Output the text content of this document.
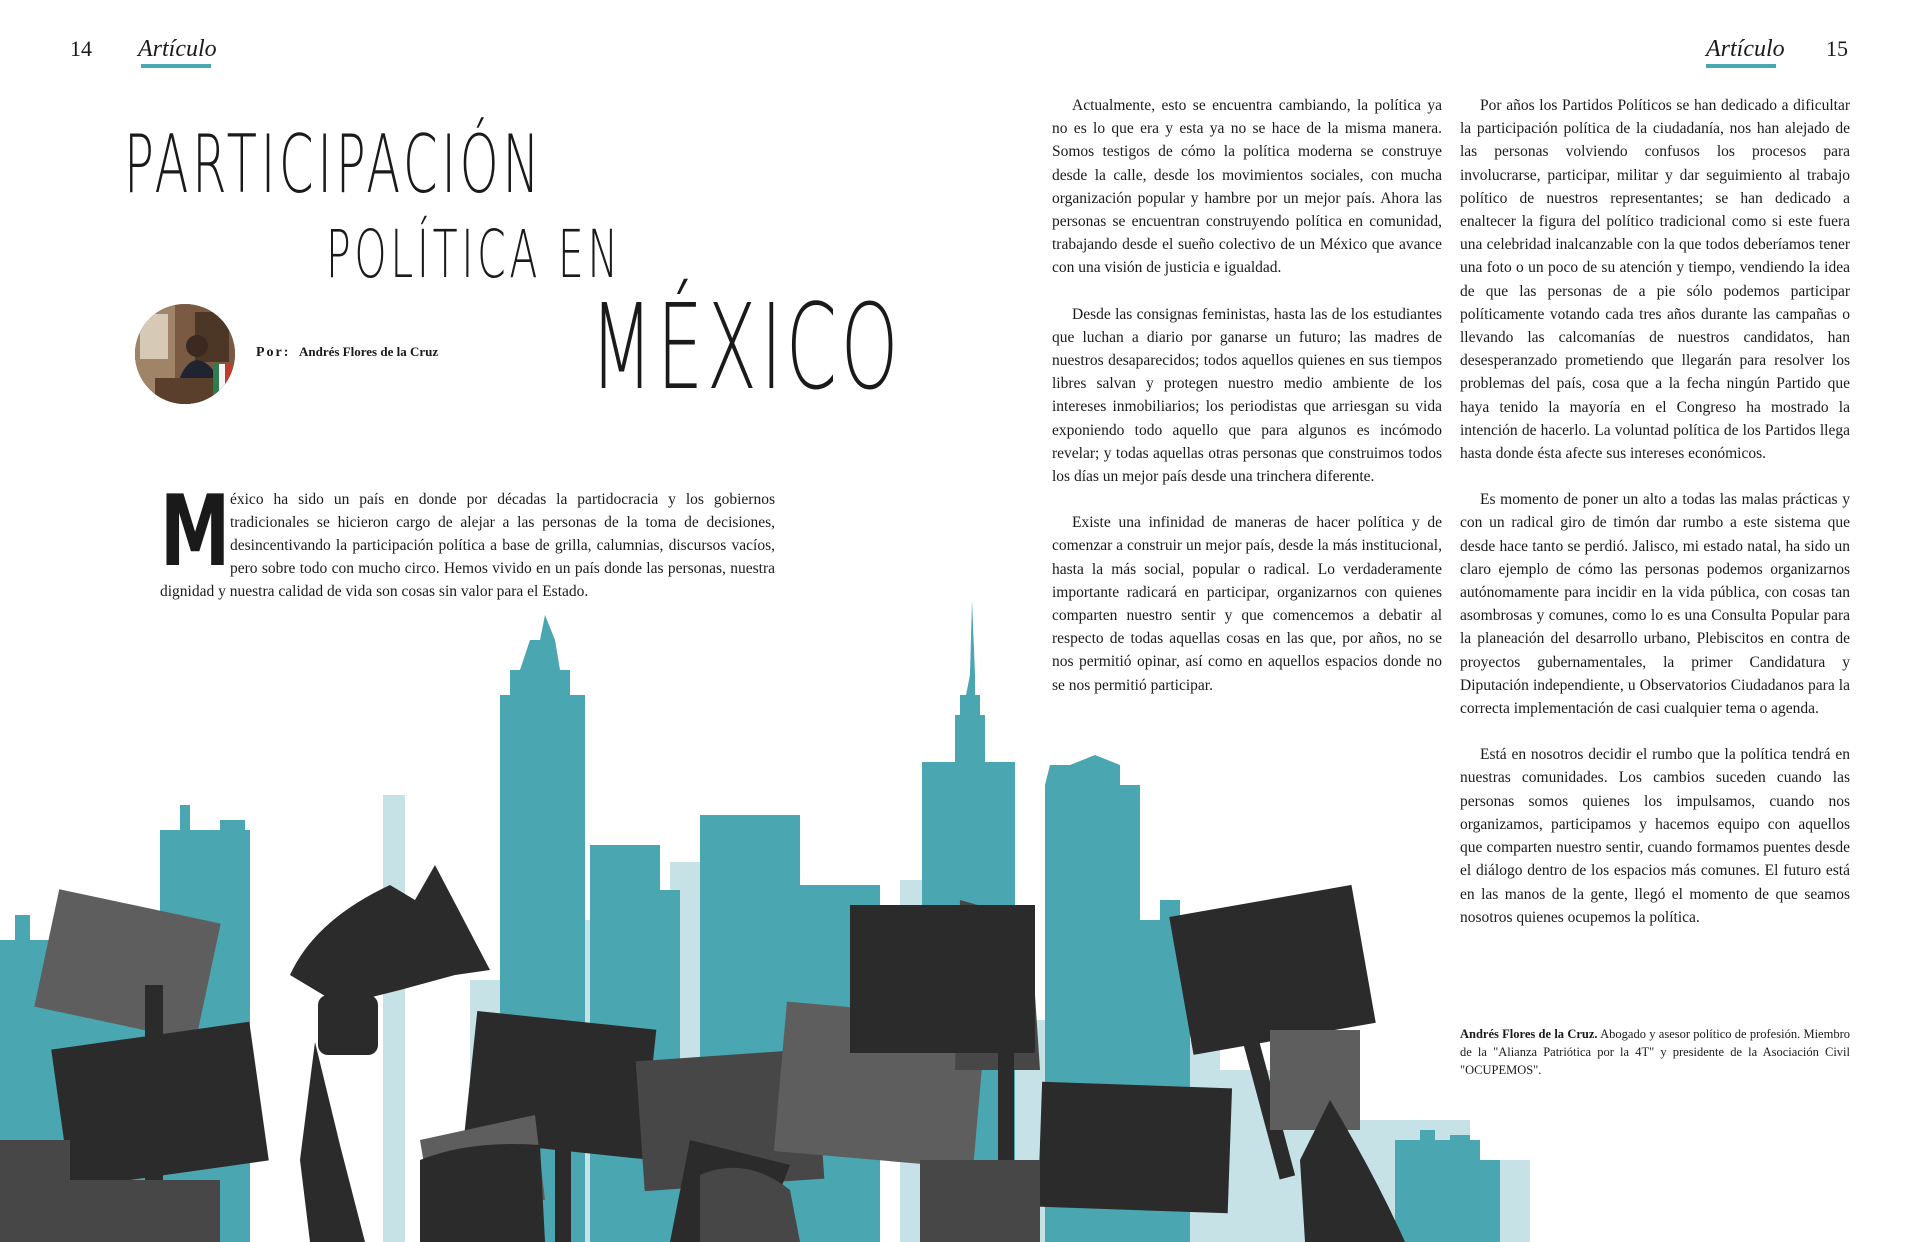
14 Artículo	Artículo 15
PARTICIPACIÓN
POLÍTICA EN
MÉXICO
Por: Andrés Flores de la Cruz
M éxico ha sido un país en donde por décadas la partidocracia y los gobiernos tradicionales se hicieron cargo de alejar a las personas de la toma de decisiones, desincentivando la participación política a base de grilla, calumnias, discursos vacíos, pero sobre todo con mucho circo. Hemos vivido en un país donde las personas, nuestra dignidad y nuestra calidad de vida son cosas sin valor para el Estado.

Actualmente, esto se encuentra cambiando, la política ya no es lo que era y esta ya no se hace de la misma manera. Somos testigos de cómo la política moderna se construye desde la calle, desde los movimientos sociales, con mucha organización popular y hambre por un mejor país. Ahora las personas se encuentran construyendo política en comunidad, trabajando desde el sueño colectivo de un México que avance con una visión de justicia e igualdad.

Desde las consignas feministas, hasta las de los estudiantes que luchan a diario por ganarse un futuro; las madres de nuestros desaparecidos; todos aquellos quienes en sus tiempos libres salvan y protegen nuestro medio ambiente de los intereses inmobiliarios; los periodistas que arriesgan su vida exponiendo todo aquello que para algunos es incómodo revelar; y todas aquellas otras personas que construimos todos los días un mejor país desde una trinchera diferente.

Existe una infinidad de maneras de hacer política y de comenzar a construir un mejor país, desde la más institucional, hasta la más social, popular o radical. Lo verdaderamente importante radicará en participar, organizarnos con quienes comparten nuestro sentir y que comencemos a debatir al respecto de todas aquellas cosas en las que, por años, no se nos permitió opinar, así como en aquellos espacios donde no se nos permitió participar.

Por años los Partidos Políticos se han dedicado a dificultar la participación política de la ciudadanía, nos han alejado de las personas volviendo confusos los procesos para involucrarse, participar, militar y dar seguimiento al trabajo político de nuestros representantes; se han dedicado a enaltecer la figura del político tradicional como si este fuera una celebridad inalcanzable con la que todos deberíamos tener una foto o un poco de su atención y tiempo, vendiendo la idea de que las personas de a pie sólo podemos participar políticamente votando cada tres años durante las campañas o llevando las calcomanías de nuestros candidatos, han desesperanzado prometiendo que llegarán para resolver los problemas del país, cosa que a la fecha ningún Partido que haya tenido la mayoría en el Congreso ha mostrado la intención de hacerlo. La voluntad política de los Partidos llega hasta donde ésta afecte sus intereses económicos.

Es momento de poner un alto a todas las malas prácticas y con un radical giro de timón dar rumbo a este sistema que desde hace tanto se perdió. Jalisco, mi estado natal, ha sido un claro ejemplo de cómo las personas podemos organizarnos autónomamente para incidir en la vida pública, con cosas tan asombrosas y comunes, como lo es una Consulta Popular para la planeación del desarrollo urbano, Plebiscitos en contra de proyectos gubernamentales, la primer Candidatura y Diputación independiente, u Observatorios Ciudadanos para la correcta implementación de casi cualquier tema o agenda.

Está en nosotros decidir el rumbo que la política tendrá en nuestras comunidades. Los cambios suceden cuando las personas somos quienes los impulsamos, cuando nos organizamos, participamos y hacemos equipo con aquellos que comparten nuestro sentir, cuando formamos puentes desde el diálogo dentro de los espacios más comunes. El futuro está en las manos de la gente, llegó el momento de que seamos nosotros quienes ocupemos la política.

Andrés Flores de la Cruz. Abogado y asesor político de profesión. Miembro de la "Alianza Patriótica por la 4T" y presidente de la Asociación Civil "OCUPEMOS".
